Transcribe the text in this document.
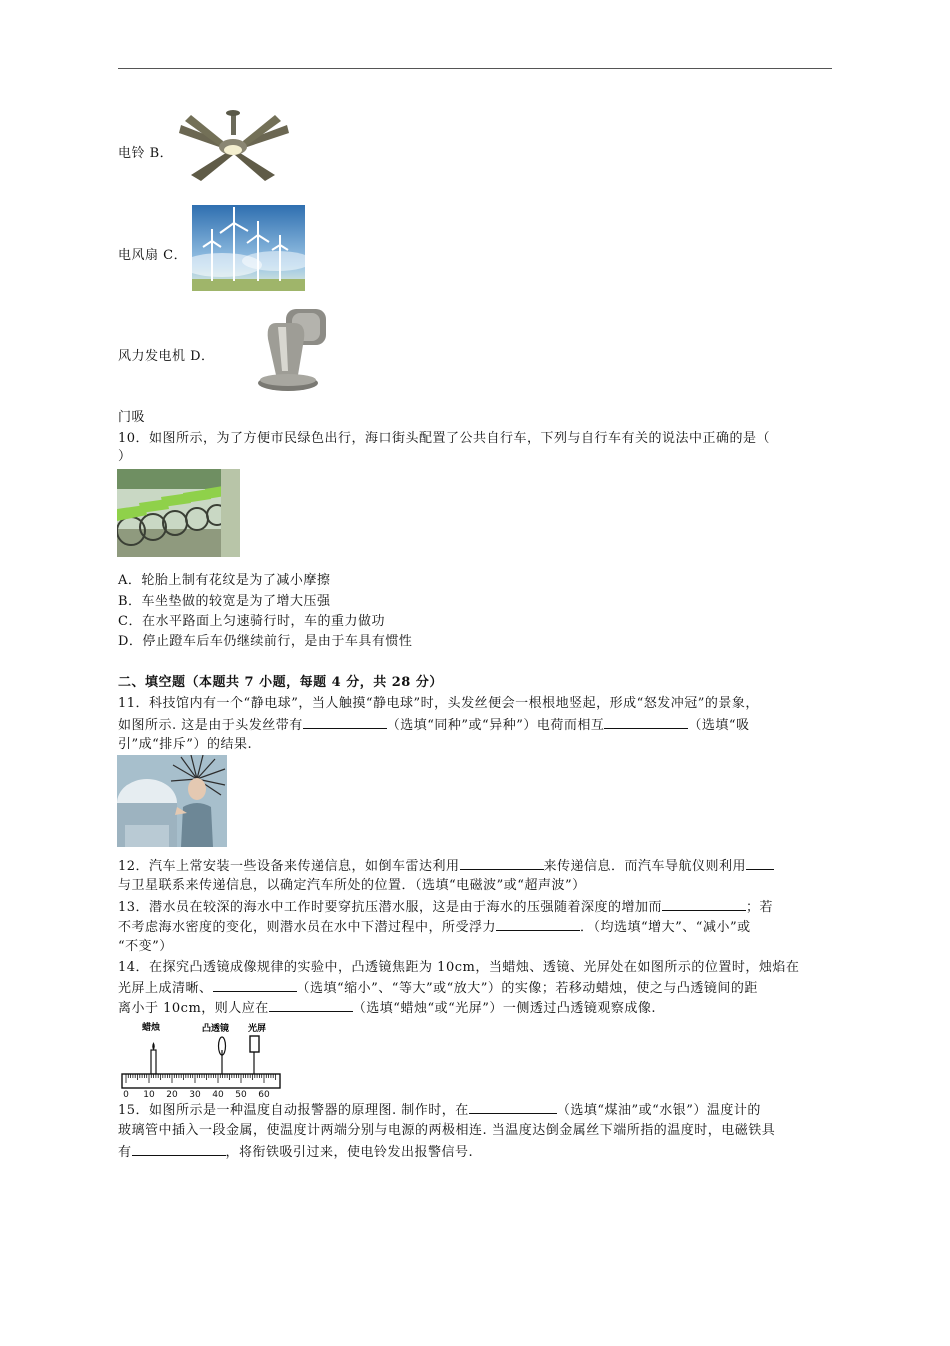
电铃 B．
电风扇 C．
风力发电机 D．
门吸
10．如图所示，为了方便市民绿色出行，海口街头配置了公共自行车，下列与自行车有关的说法中正确的是（
）
A．轮胎上制有花纹是为了减小摩擦
B．车坐垫做的较宽是为了增大压强
C．在水平路面上匀速骑行时，车的重力做功
D．停止蹬车后车仍继续前行，是由于车具有惯性
二、填空题（本题共 7 小题，每题 4 分，共 28 分）
11．科技馆内有一个“静电球”，当人触摸“静电球”时，头发丝便会一根根地竖起，形成“怒发冲冠”的景象，
如图所示. 这是由于头发丝带有	（选填“同种”或“异种”）电荷而相互	（选填“吸
引”成“排斥”）的结果.
12．汽车上常安装一些设备来传递信息，如倒车雷达利用	来传递信息．而汽车导航仪则利用
与卫星联系来传递信息，以确定汽车所处的位置．（选填“电磁波”或“超声波”）
13．潜水员在较深的海水中工作时要穿抗压潜水服，这是由于海水的压强随着深度的增加而	；若
不考虑海水密度的变化，则潜水员在水中下潜过程中，所受浮力	．（均选填“增大”、“减小”或
“不变”）
14．在探究凸透镜成像规律的实验中，凸透镜焦距为 10cm，当蜡烛、透镜、光屏处在如图所示的位置时，烛焰在
光屏上成清晰、	（选填“缩小”、“等大”或“放大”）的实像；若移动蜡烛，使之与凸透镜间的距
离小于 10cm，则人应在	（选填“蜡烛“或“光屏”）一侧透过凸透镜观察成像.
蜡烛	凸透镜 光屏
0 10 20 30 40 50 60
15．如图所示是一种温度自动报警器的原理图. 制作时，在	（选填“煤油”或“水银”）温度计的
玻璃管中插入一段金属，使温度计两端分别与电源的两极相连. 当温度达倒金属丝下端所指的温度时，电磁铁具
有	，将衔铁吸引过来，使电铃发出报警信号.
